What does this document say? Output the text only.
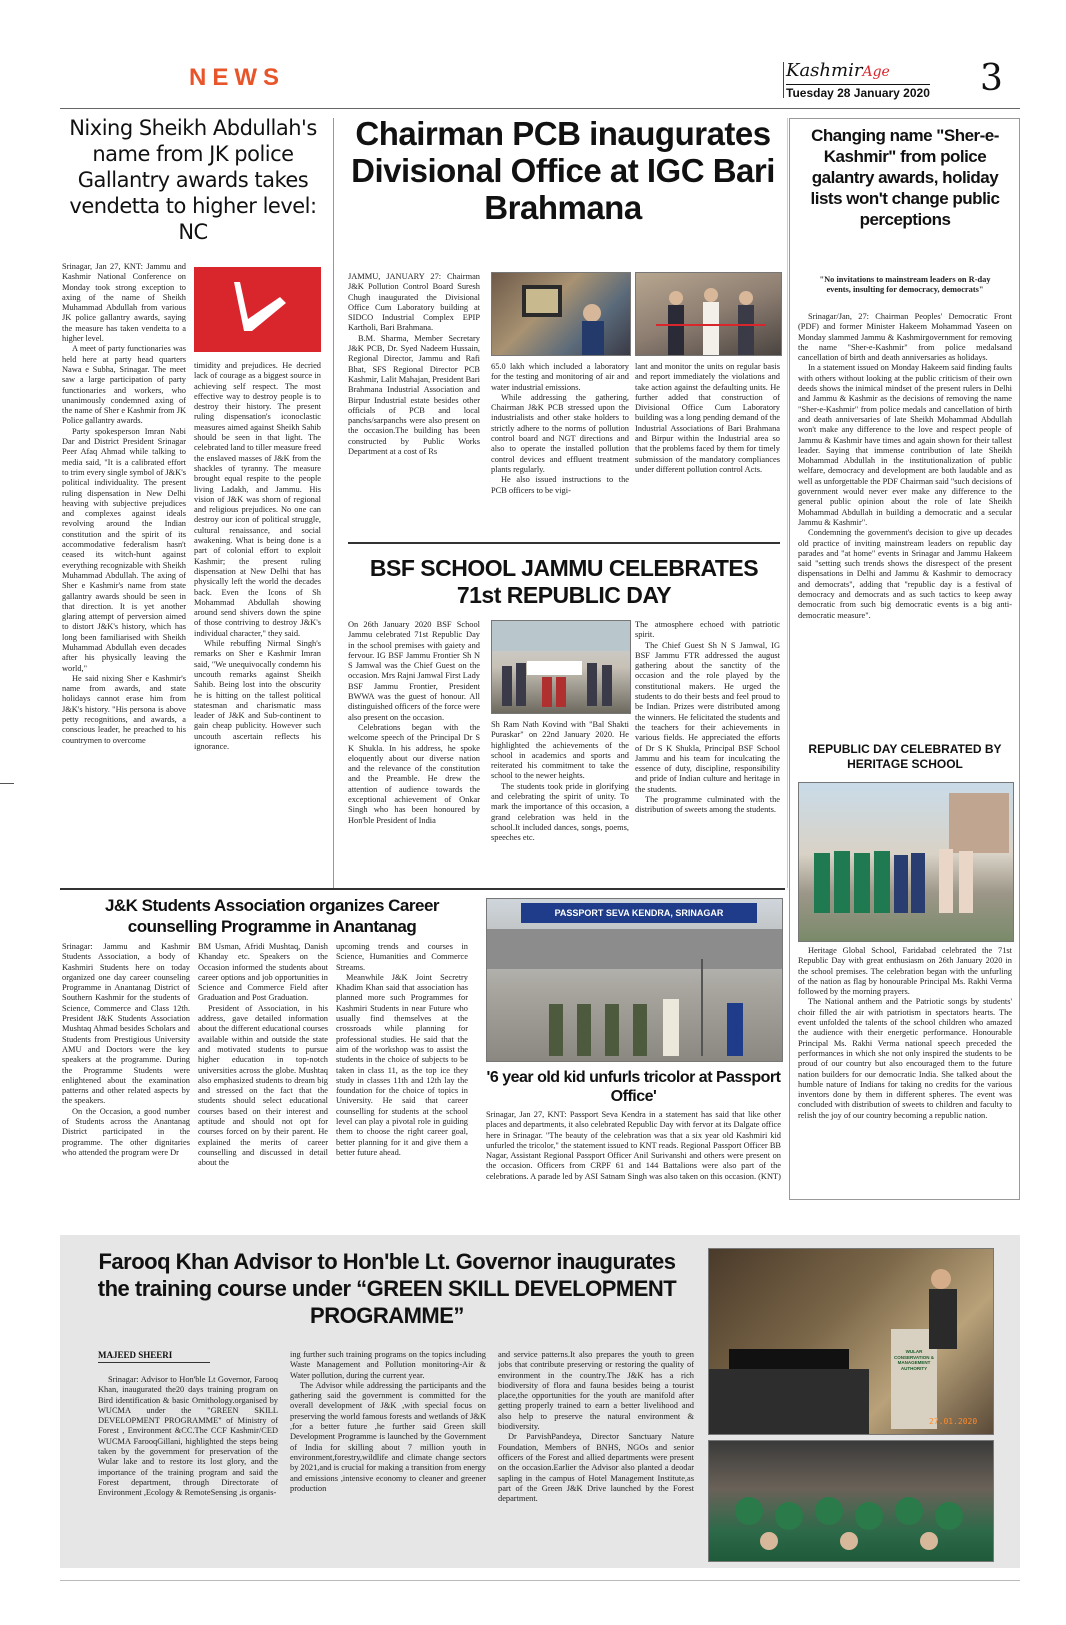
NEWS	KashmirAge
Tuesday 28 January 2020 3
Nixing Sheikh Abdullah's name from JK police Gallantry awards takes vendetta to higher level: NC

Srinagar, Jan 27, KNT: Jammu and Kashmir National Conference on Monday took strong exception to axing of the name of Sheikh Muhammad Abdullah from various JK police gallantry awards, saying the measure has taken vendetta to a higher level.

A meet of party functionaries was held here at party head quarters Nawa e Subha, Srinagar. The meet saw a large participation of party functionaries and workers, who unanimously condemned axing of the name of Sher e Kashmir from JK Police gallantry awards.

Party spokesperson Imran Nabi Dar and District President Srinagar Peer Afaq Ahmad while talking to media said, "It is a calibrated effort to trim every single symbol of J&K's political individuality. The present ruling dispensation in New Delhi heaving with subjective prejudices and complexes against ideals revolving around the Indian constitution and the spirit of its accommodative federalism hasn't ceased its witch-hunt against everything recognizable with Sheikh Muhammad Abdullah. The axing of Sher e Kashmir's name from state gallantry awards should be seen in that direction. It is yet another glaring attempt of perversion aimed to distort J&K's history, which has long been familiarised with Sheikh Muhammad Abdullah even decades after his physically leaving the world,"

He said nixing Sher e Kashmir's name from awards, and state holidays cannot erase him from J&K's history. "His persona is above petty recognitions, and awards, a conscious leader, he preached to his countrymen to overcome

timidity and prejudices. He decried lack of courage as a biggest source in achieving self respect. The most effective way to destroy people is to destroy their history. The present ruling dispensation's iconoclastic measures aimed against Sheikh Sahib should be seen in that light. The celebrated land to tiller measure freed the enslaved masses of J&K from the shackles of tyranny. The measure brought equal respite to the people living Ladakh, and Jammu. His vision of J&K was shorn of regional and religious prejudices. No one can destroy our icon of political struggle, cultural renaissance, and social awakening. What is being done is a part of colonial effort to exploit Kashmir; the present ruling dispensation at New Delhi that has physically left the world the decades back. Even the Icons of Sh Mohammad Abdullah showing around send shivers down the spine of those contriving to destroy J&K's individual character," they said.

While rebuffing Nirmal Singh's remarks on Sher e Kashmir Imran said, "We unequivocally condemn his uncouth remarks against Sheikh Sahib. Being lost into the obscurity he is hitting on the tallest political statesman and charismatic mass leader of J&K and Sub-continent to gain cheap publicity. However such uncouth ascertain reflects his ignorance.

Chairman PCB inaugurates Divisional Office at IGC Bari Brahmana

JAMMU, JANUARY 27: Chairman J&K Pollution Control Board Suresh Chugh inaugurated the Divisional Office Cum Laboratory building at SIDCO Industrial Complex EPIP Kartholi, Bari Brahmana.

B.M. Sharma, Member Secretary J&K PCB, Dr. Syed Nadeem Hussain, Regional Director, Jammu and Rafi Bhat, SFS Regional Director PCB Kashmir, Lalit Mahajan, President Bari Brahmana Industrial Association and Birpur Industrial estate besides other officials of PCB and local panchs/sarpanchs were also present on the occasion.The building has been constructed by Public Works Department at a cost of Rs

65.0 lakh which included a laboratory for the testing and monitoring of air and water industrial emissions.

While addressing the gathering, Chairman J&K PCB stressed upon the industrialists and other stake holders to strictly adhere to the norms of pollution control board and NGT directions and also to operate the installed pollution control devices and effluent treatment plants regularly.

He also issued instructions to the PCB officers to be vigi-

lant and monitor the units on regular basis and report immediately the violations and take action against the defaulting units. He further added that construction of Divisional Office Cum Laboratory building was a long pending demand of the Industrial Associations of Bari Brahmana and Birpur within the Industrial area so that the problems faced by them for timely submission of the mandatory compliances under different pollution control Acts.

BSF SCHOOL JAMMU CELEBRATES 71st REPUBLIC DAY

On 26th January 2020 BSF School Jammu celebrated 71st Republic Day in the school premises with gaiety and fervour. IG BSF Jammu Frontier Sh N S Jamwal was the Chief Guest on the occasion. Mrs Rajni Jamwal First Lady BSF Jammu Frontier, President BWWA was the guest of honour. All distinguished officers of the force were also present on the occasion.

Celebrations began with the welcome speech of the Principal Dr S K Shukla. In his address, he spoke eloquently about our diverse nation and the relevance of the constitution and the Preamble. He drew the attention of audience towards the exceptional achievement of Onkar Singh who has been honoured by Hon'ble President of India

Sh Ram Nath Kovind with "Bal Shakti Puraskar" on 22nd January 2020. He highlighted the achievements of the school in academics and sports and reiterated his commitment to take the school to the newer heights.

The students took pride in glorifying and celebrating the spirit of unity. To mark the importance of this occasion, a grand celebration was held in the school.It included dances, songs, poems, speeches etc.

The atmosphere echoed with patriotic spirit.

The Chief Guest Sh N S Jamwal, IG BSF Jammu FTR addressed the august gathering about the sanctity of the occasion and the role played by the constitutional makers. He urged the students to do their bests and feel proud to be Indian. Prizes were distributed among the winners. He felicitated the students and the teachers for their achievements in various fields. He appreciated the efforts of Dr S K Shukla, Principal BSF School Jammu and his team for inculcating the essence of duty, discipline, responsibility and pride of Indian culture and heritage in the students.

The programme culminated with the distribution of sweets among the students.

Changing name "Sher-e-Kashmir" from police galantry awards, holiday lists won't change public perceptions
"No invitations to mainstream leaders on R-day events, insulting for democracy, democrats"

Srinagar/Jan, 27: Chairman Peoples' Democratic Front (PDF) and former Minister Hakeem Mohammad Yaseen on Monday slammed Jammu & Kashmirgovernment for removing the name "Sher-e-Kashmir" from police medalsand cancellation of birth and death anniversaries as holidays.

In a statement issued on Monday Hakeem said finding faults with others without looking at the public criticism of their own deeds shows the inimical mindset of the present rulers in Delhi and Jammu & Kashmir as the decisions of removing the name "Sher-e-Kashmir" from police medals and cancellation of birth and death anniversaries of late Sheikh Mohammad Abdullah won't make any difference to the love and respect people of Jammu & Kashmir have times and again shown for their tallest leader. Saying that immense contribution of late Sheikh Mohammad Abdullah in the institutionalization of public welfare, democracy and development are both laudable and as well as unforgettable the PDF Chairman said "such decisions of government would never ever make any difference to the general public opinion about the role of late Sheikh Mohammad Abdullah in building a democratic and a secular Jammu & Kashmir".

Condemning the government's decision to give up decades old practice of inviting mainstream leaders on republic day parades and "at home" events in Srinagar and Jammu Hakeem said "setting such trends shows the disrespect of the present dispensations in Delhi and Jammu & Kashmir to democracy and democrats", adding that "republic day is a festival of democracy and democrats and as such tactics to keep away democratic from such big democratic events is a big anti-democratic measure".

REPUBLIC DAY CELEBRATED BY HERITAGE SCHOOL

Heritage Global School, Faridabad celebrated the 71st Republic Day with great enthusiasm on 26th January 2020 in the school premises. The celebration began with the unfurling of the nation as flag by honourable Principal Ms. Rakhi Verma followed by the morning prayers.

The National anthem and the Patriotic songs by students' choir filled the air with patriotism in spectators hearts. The event unfolded the talents of the school children who amazed the audience with their energetic performance. Honourable Principal Ms. Rakhi Verma national speech preceded the performances in which she not only inspired the students to be proud of our country but also encouraged them to the future nation builders for our democratic India. She talked about the humble nature of Indians for taking no credits for the various inventors done by them in different spheres. The event was concluded with distribution of sweets to children and faculty to relish the joy of our country becoming a republic nation.

J&K Students Association organizes Career counselling Programme in Anantanag

Srinagar: Jammu and Kashmir Students Association, a body of Kashmiri Students here on today organized one day career counseling Programme in Anantanag District of Southern Kashmir for the students of Science, Commerce and Class 12th. President J&K Students Association Mushtaq Ahmad besides Scholars and Students from Prestigious University AMU and Doctors were the key speakers at the programme. During the Programme Students were enlightened about the examination patterns and other related aspects by the speakers.

On the Occasion, a good number of Students across the Anantanag District participated in the programme. The other dignitaries who attended the program were Dr

BM Usman, Afridi Mushtaq, Danish Khanday etc. Speakers on the Occasion informed the students about career options and job opportunities in Science and Commerce Field after Graduation and Post Graduation.

President of Association, in his address, gave detailed information about the different educational courses available within and outside the state and motivated students to pursue higher education in top-notch universities across the globe. Mushtaq also emphasized students to dream big and stressed on the fact that the students should select educational courses based on their interest and aptitude and should not opt for courses forced on by their parent. He explained the merits of career counselling and discussed in detail about the

upcoming trends and courses in Science, Humanities and Commerce Streams.

Meanwhile J&K Joint Secretry Khadim Khan said that association has planned more such Programmes for Kashmiri Students in near Future who usually find themselves at the crossroads while planning for professional studies. He said that the aim of the workshop was to assist the students in the choice of subjects to be taken in class 11, as the top ice they study in classes 11th and 12th lay the foundation for the choice of topics in University. He said that career counselling for students at the school level can play a pivotal role in guiding them to choose the right career goal, better planning for it and give them a better future ahead.

PASSPORT SEVA KENDRA, SRINAGAR
'6 year old kid unfurls tricolor at Passport Office'

Srinagar, Jan 27, KNT: Passport Seva Kendra in a statement has said that like other places and departments, it also celebrated Republic Day with fervor at its Dalgate office here in Srinagar. "The beauty of the celebration was that a six year old Kashmiri kid unfurled the tricolor," the statement issued to KNT reads. Regional Passport Officer BB Nagar, Assistant Regional Passport Officer Anil Surivanshi and others were present on the occasion. Officers from CRPF 61 and 144 Battalions were also part of the celebrations. A parade led by ASI Satnam Singh was also taken on this occasion. (KNT)

Farooq Khan Advisor to Hon'ble Lt. Governor inaugurates the training course under “GREEN SKILL DEVELOPMENT PROGRAMME”
MAJEED SHEERI

Srinagar: Advisor to Hon'ble Lt Governor, Farooq Khan, inaugurated the20 days training program on Bird identification & basic Ornithology.organised by WUCMA under the "GREEN SKILL DEVELOPMENT PROGRAMME" of Ministry of Forest , Environment &CC.The CCF Kashmir/CED WUCMA FarooqGillani, highlighted the steps being taken by the government for preservation of the Wular lake and to restore its lost glory, and the importance of the training program and said the Forest department, through Directorate of Environment ,Ecology & RemoteSensing ,is organis-

ing further such training programs on the topics including Waste Management and Pollution monitoring-Air & Water pollution, during the current year.

The Advisor while addressing the participants and the gathering said the government is committed for the overall development of J&K ,with special focus on preserving the world famous forests and wetlands of J&K ,for a better future ,he further said Green skill Development Programme is launched by the Government of India for skilling about 7 million youth in environment,forestry,wildlife and climate change sectors by 2021,and is crucial for making a transition from energy and emissions ,intensive economy to cleaner and greener production

and service patterns.It also prepares the youth to green jobs that contribute preserving or restoring the quality of environment in the country.The J&K has a rich biodiversity of flora and fauna besides being a tourist place,the opportunities for the youth are manifold after getting properly trained to earn a better livelihood and also help to preserve the natural environment & biodiversity.

Dr ParvishPandeya, Director Sanctuary Nature Foundation, Members of BNHS, NGOs and senior officers of the Forest and allied departments were present on the occasion.Earlier the Advisor also planted a deodar sapling in the campus of Hotel Management Institute,as part of the Green J&K Drive launched by the Forest department.

WULAR CONSERVATION & MANAGEMENT AUTHORITY
27.01.2020
